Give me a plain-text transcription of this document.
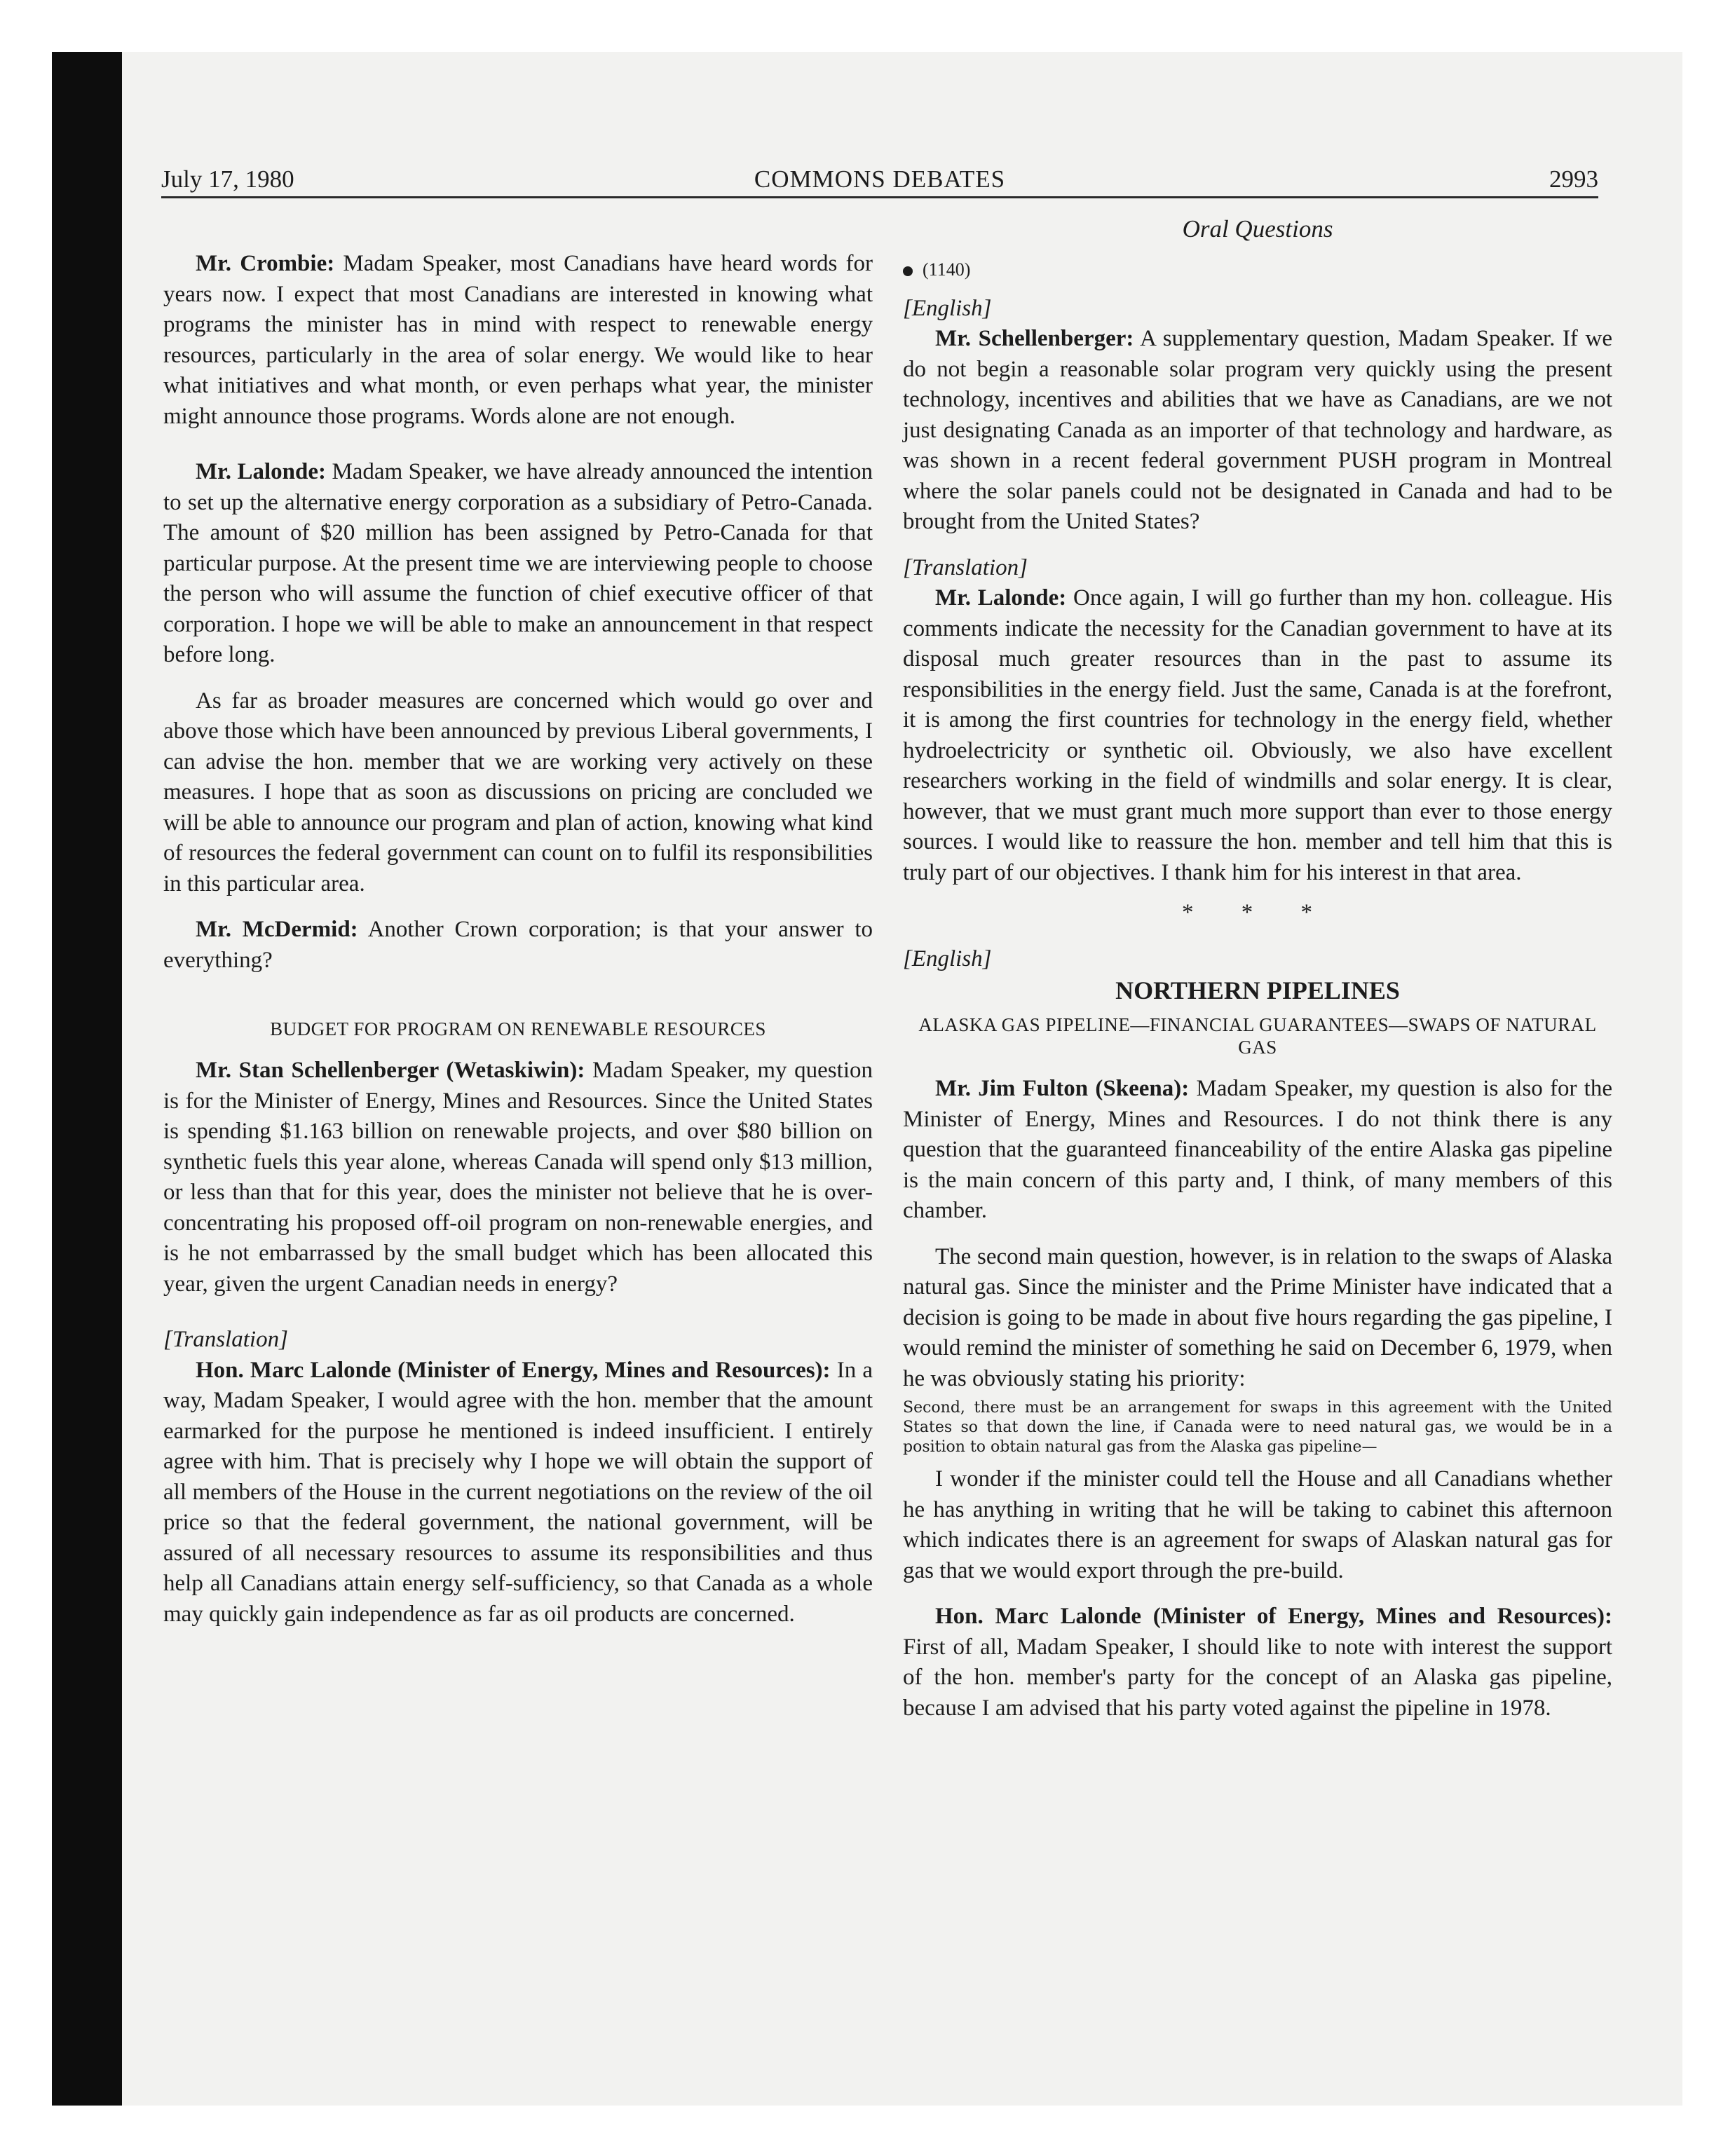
July 17, 1980	COMMONS DEBATES	2993

Mr. Crombie: Madam Speaker, most Canadians have heard words for years now. I expect that most Canadians are interested in knowing what programs the minister has in mind with respect to renewable energy resources, particularly in the area of solar energy. We would like to hear what initiatives and what month, or even perhaps what year, the minister might announce those programs. Words alone are not enough.

Mr. Lalonde: Madam Speaker, we have already announced the intention to set up the alternative energy corporation as a subsidiary of Petro-Canada. The amount of $20 million has been assigned by Petro-Canada for that particular purpose. At the present time we are interviewing people to choose the person who will assume the function of chief executive officer of that corporation. I hope we will be able to make an announcement in that respect before long.

As far as broader measures are concerned which would go over and above those which have been announced by previous Liberal governments, I can advise the hon. member that we are working very actively on these measures. I hope that as soon as discussions on pricing are concluded we will be able to announce our program and plan of action, knowing what kind of resources the federal government can count on to fulfil its responsibilities in this particular area.

Mr. McDermid: Another Crown corporation; is that your answer to everything?

BUDGET FOR PROGRAM ON RENEWABLE RESOURCES

Mr. Stan Schellenberger (Wetaskiwin): Madam Speaker, my question is for the Minister of Energy, Mines and Resources. Since the United States is spending $1.163 billion on renewable projects, and over $80 billion on synthetic fuels this year alone, whereas Canada will spend only $13 million, or less than that for this year, does the minister not believe that he is over-concentrating his proposed off-oil program on non-renewable energies, and is he not embarrassed by the small budget which has been allocated this year, given the urgent Canadian needs in energy?

[Translation]

Hon. Marc Lalonde (Minister of Energy, Mines and Resources): In a way, Madam Speaker, I would agree with the hon. member that the amount earmarked for the purpose he mentioned is indeed insufficient. I entirely agree with him. That is precisely why I hope we will obtain the support of all members of the House in the current negotiations on the review of the oil price so that the federal government, the national government, will be assured of all necessary resources to assume its responsibilities and thus help all Canadians attain energy self-sufficiency, so that Canada as a whole may quickly gain independence as far as oil products are concerned.

Oral Questions

(1140)

[English]

Mr. Schellenberger: A supplementary question, Madam Speaker. If we do not begin a reasonable solar program very quickly using the present technology, incentives and abilities that we have as Canadians, are we not just designating Canada as an importer of that technology and hardware, as was shown in a recent federal government PUSH program in Montreal where the solar panels could not be designated in Canada and had to be brought from the United States?

[Translation]

Mr. Lalonde: Once again, I will go further than my hon. colleague. His comments indicate the necessity for the Canadian government to have at its disposal much greater resources than in the past to assume its responsibilities in the energy field. Just the same, Canada is at the forefront, it is among the first countries for technology in the energy field, whether hydroelectricity or synthetic oil. Obviously, we also have excellent researchers working in the field of windmills and solar energy. It is clear, however, that we must grant much more support than ever to those energy sources. I would like to reassure the hon. member and tell him that this is truly part of our objectives. I thank him for his interest in that area.

* * *

[English]

NORTHERN PIPELINES

ALASKA GAS PIPELINE—FINANCIAL GUARANTEES—SWAPS OF NATURAL GAS

Mr. Jim Fulton (Skeena): Madam Speaker, my question is also for the Minister of Energy, Mines and Resources. I do not think there is any question that the guaranteed financeability of the entire Alaska gas pipeline is the main concern of this party and, I think, of many members of this chamber.

The second main question, however, is in relation to the swaps of Alaska natural gas. Since the minister and the Prime Minister have indicated that a decision is going to be made in about five hours regarding the gas pipeline, I would remind the minister of something he said on December 6, 1979, when he was obviously stating his priority:

Second, there must be an arrangement for swaps in this agreement with the United States so that down the line, if Canada were to need natural gas, we would be in a position to obtain natural gas from the Alaska gas pipeline—

I wonder if the minister could tell the House and all Canadians whether he has anything in writing that he will be taking to cabinet this afternoon which indicates there is an agreement for swaps of Alaskan natural gas for gas that we would export through the pre-build.

Hon. Marc Lalonde (Minister of Energy, Mines and Resources): First of all, Madam Speaker, I should like to note with interest the support of the hon. member's party for the concept of an Alaska gas pipeline, because I am advised that his party voted against the pipeline in 1978.
